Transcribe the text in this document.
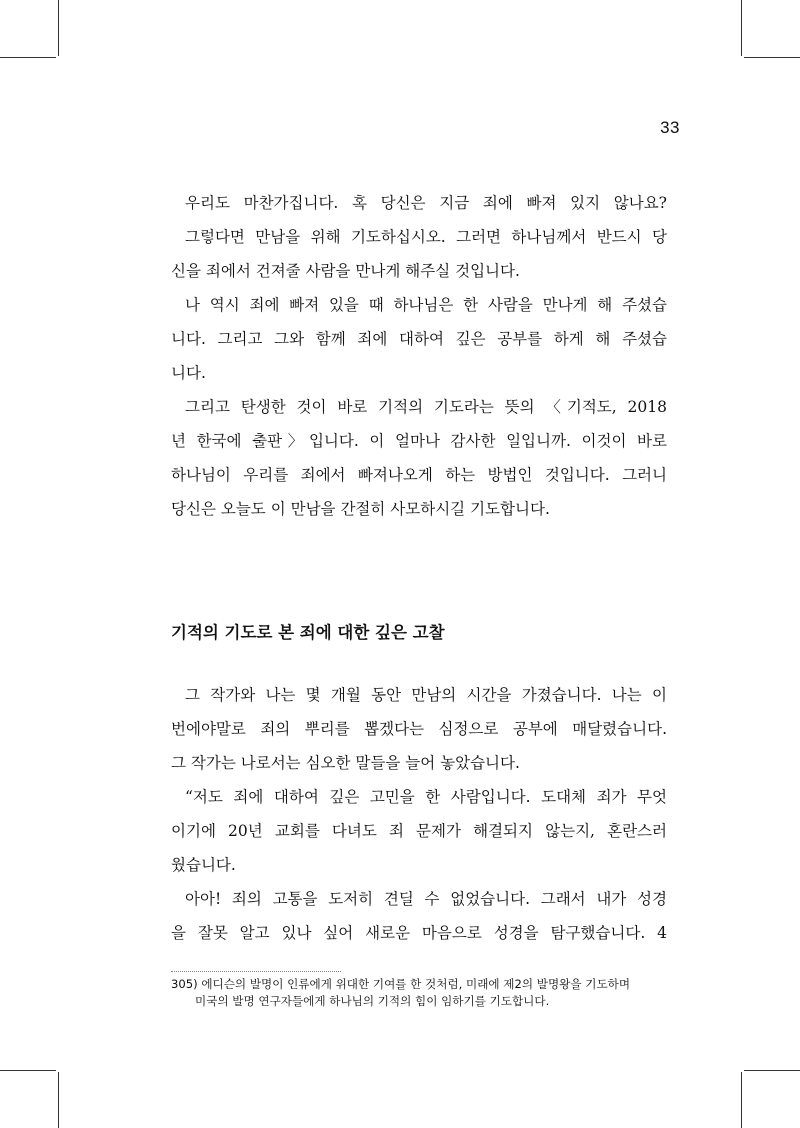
33

우리도 마찬가집니다. 혹 당신은 지금 죄에 빠져 있지 않나요?
그렇다면 만남을 위해 기도하십시오. 그러면 하나님께서 반드시 당

신을 죄에서 건져줄 사람을 만나게 해주실 것입니다.

나 역시 죄에 빠져 있을 때 하나님은 한 사람을 만나게 해 주셨습
니다. 그리고 그와 함께 죄에 대하여 깊은 공부를 하게 해 주셨습

니다.

그리고 탄생한 것이 바로 기적의 기도라는 뜻의 〈기적도, 2018
년 한국에 출판〉입니다. 이 얼마나 감사한 일입니까. 이것이 바로
하나님이 우리를 죄에서 빠져나오게 하는 방법인 것입니다. 그러니

당신은 오늘도 이 만남을 간절히 사모하시길 기도합니다.

기적의 기도로 본 죄에 대한 깊은 고찰

그 작가와 나는 몇 개월 동안 만남의 시간을 가졌습니다. 나는 이
번에야말로 죄의 뿌리를 뽑겠다는 심정으로 공부에 매달렸습니다.

그 작가는 나로서는 심오한 말들을 늘어 놓았습니다.

“저도 죄에 대하여 깊은 고민을 한 사람입니다. 도대체 죄가 무엇
이기에 20년 교회를 다녀도 죄 문제가 해결되지 않는지, 혼란스러

웠습니다.

아아! 죄의 고통을 도저히 견딜 수 없었습니다. 그래서 내가 성경
을 잘못 알고 있나 싶어 새로운 마음으로 성경을 탐구했습니다. 4

305) 에디슨의 발명이 인류에게 위대한 기여를 한 것처럼, 미래에 제2의 발명왕을 기도하며
미국의 발명 연구자들에게 하나님의 기적의 힘이 임하기를 기도합니다.
